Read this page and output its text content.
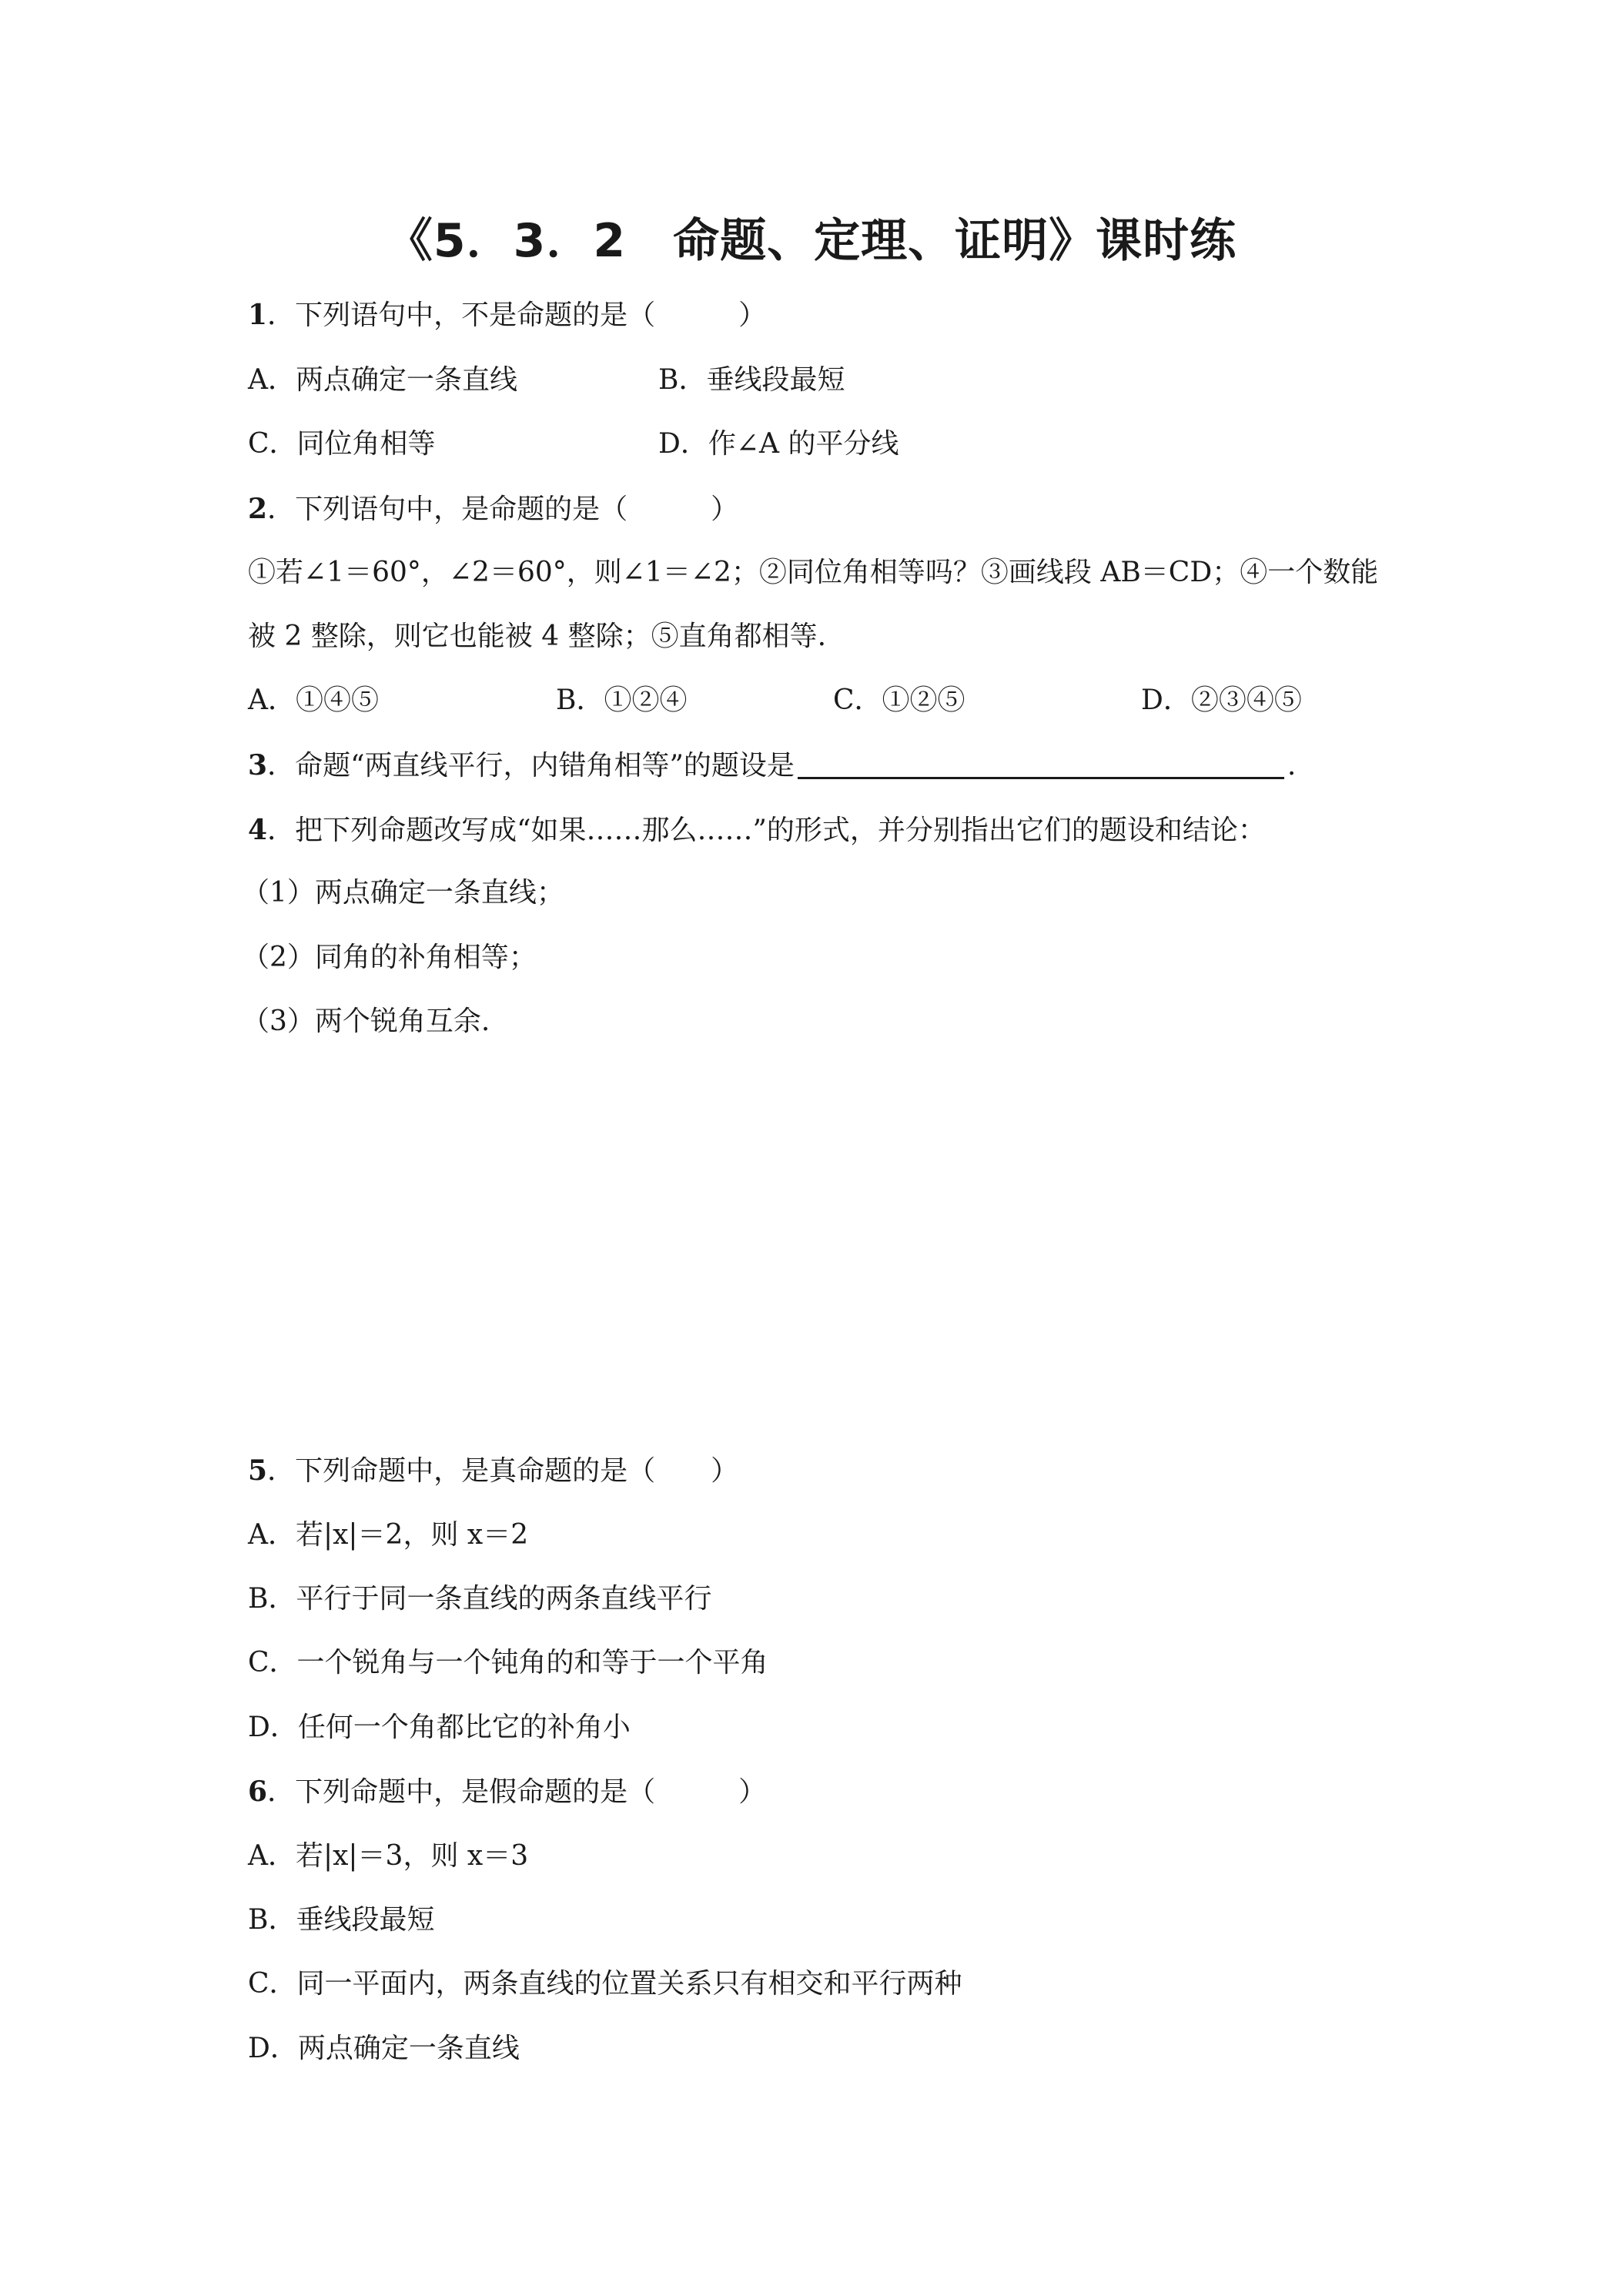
《5．3．2　命题、定理、证明》课时练
1．下列语句中，不是命题的是（　　　）
A．两点确定一条直线	B．垂线段最短
C．同位角相等	D．作∠A 的平分线
2．下列语句中，是命题的是（　　　）
①若∠1＝60°，∠2＝60°，则∠1＝∠2；②同位角相等吗？③画线段 AB＝CD；④一个数能
被 2 整除，则它也能被 4 整除；⑤直角都相等.
A．①④⑤	B．①②④	C．①②⑤	D．②③④⑤
3．命题“两直线平行，内错角相等”的题设是	.
4．把下列命题改写成“如果……那么……”的形式，并分别指出它们的题设和结论：
（1）两点确定一条直线；
（2）同角的补角相等；
（3）两个锐角互余.
5．下列命题中，是真命题的是（　　）
A．若|x|＝2，则 x＝2
B．平行于同一条直线的两条直线平行
C．一个锐角与一个钝角的和等于一个平角
D．任何一个角都比它的补角小
6．下列命题中，是假命题的是（　　　）
A．若|x|＝3，则 x＝3
B．垂线段最短
C．同一平面内，两条直线的位置关系只有相交和平行两种
D．两点确定一条直线
